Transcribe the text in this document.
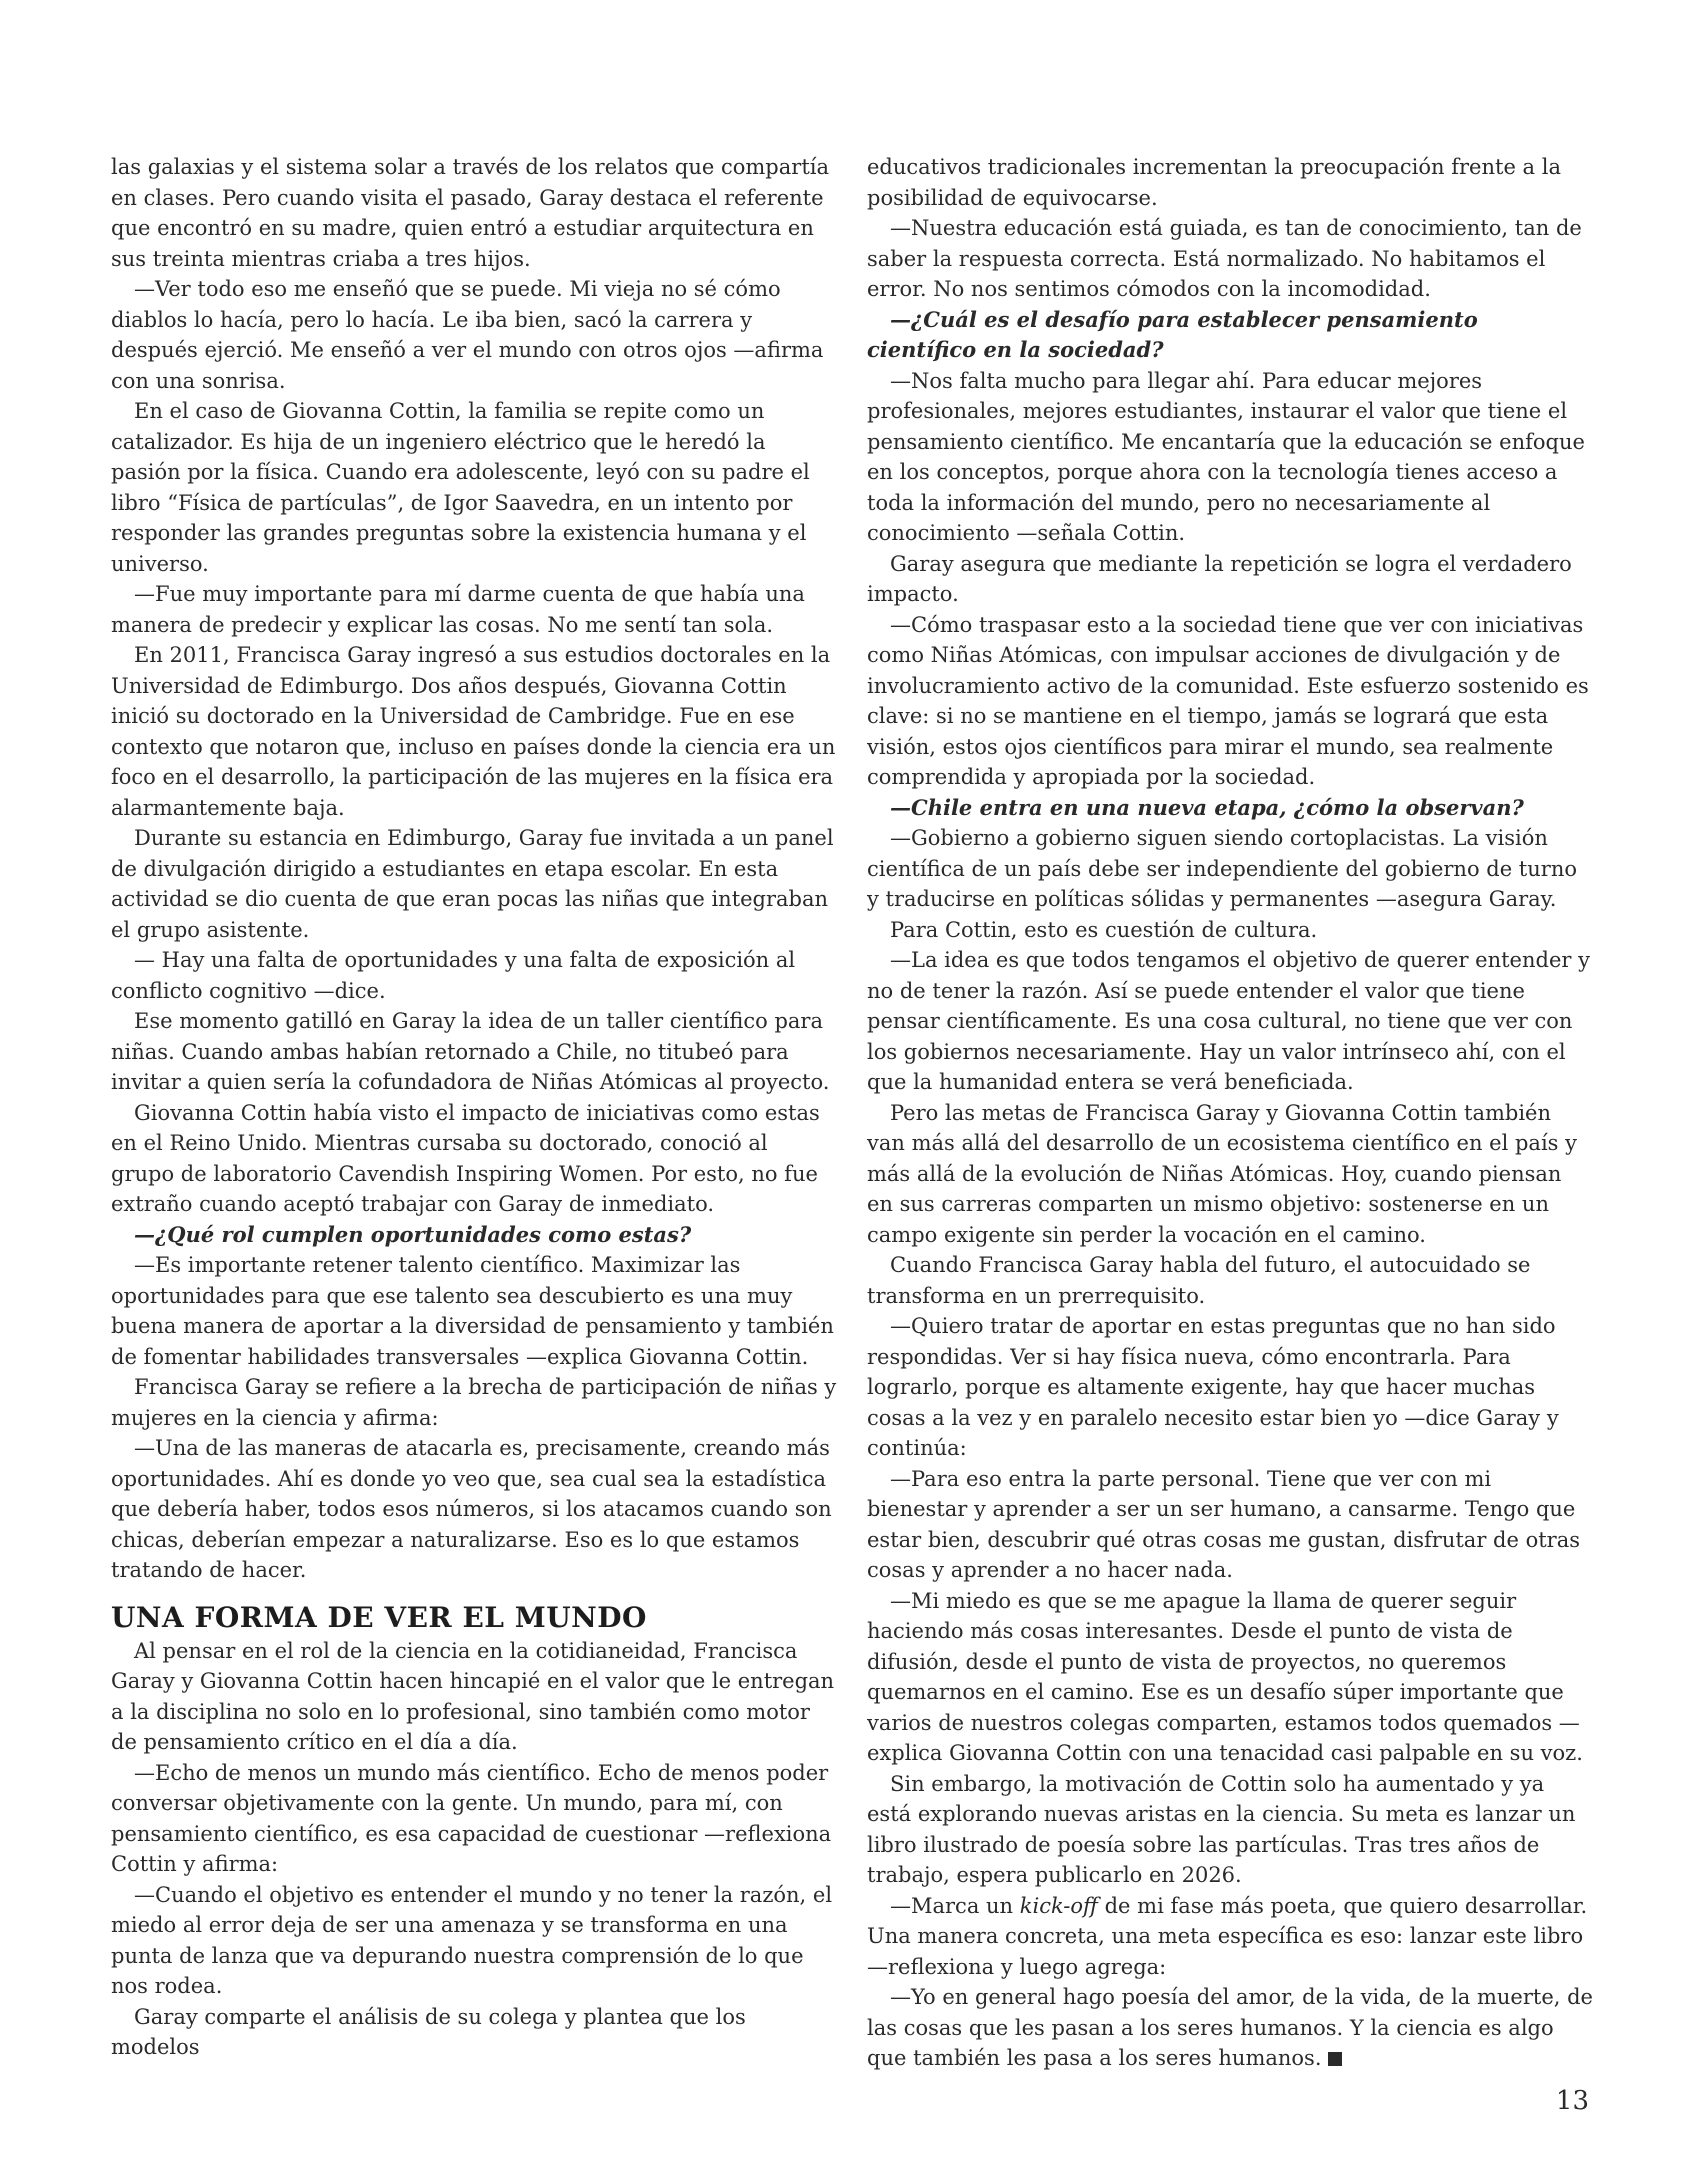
las galaxias y el sistema solar a través de los relatos que compartía en clases. Pero cuando visita el pasado, Garay destaca el referente que encontró en su madre, quien entró a estudiar arquitectura en sus treinta mientras criaba a tres hijos.

—Ver todo eso me enseñó que se puede. Mi vieja no sé cómo diablos lo hacía, pero lo hacía. Le iba bien, sacó la carrera y después ejerció. Me enseñó a ver el mundo con otros ojos —afirma con una sonrisa.

En el caso de Giovanna Cottin, la familia se repite como un catalizador. Es hija de un ingeniero eléctrico que le heredó la pasión por la física. Cuando era adolescente, leyó con su padre el libro “Física de partículas”, de Igor Saavedra, en un intento por responder las grandes preguntas sobre la existencia humana y el universo.

—Fue muy importante para mí darme cuenta de que había una manera de predecir y explicar las cosas. No me sentí tan sola.

En 2011, Francisca Garay ingresó a sus estudios doctorales en la Universidad de Edimburgo. Dos años después, Giovanna Cottin inició su doctorado en la Universidad de Cambridge. Fue en ese contexto que notaron que, incluso en países donde la ciencia era un foco en el desarrollo, la participación de las mujeres en la física era alarmantemente baja.

Durante su estancia en Edimburgo, Garay fue invitada a un panel de divulgación dirigido a estudiantes en etapa escolar. En esta actividad se dio cuenta de que eran pocas las niñas que integraban el grupo asistente.

— Hay una falta de oportunidades y una falta de exposición al conflicto cognitivo —dice.

Ese momento gatilló en Garay la idea de un taller científico para niñas. Cuando ambas habían retornado a Chile, no titubeó para invitar a quien sería la cofundadora de Niñas Atómicas al proyecto.

Giovanna Cottin había visto el impacto de iniciativas como estas en el Reino Unido. Mientras cursaba su doctorado, conoció al grupo de laboratorio Cavendish Inspiring Women. Por esto, no fue extraño cuando aceptó trabajar con Garay de inmediato.

—¿Qué rol cumplen oportunidades como estas?

—Es importante retener talento científico. Maximizar las oportunidades para que ese talento sea descubierto es una muy buena manera de aportar a la diversidad de pensamiento y también de fomentar habilidades transversales —explica Giovanna Cottin.

Francisca Garay se refiere a la brecha de participación de niñas y mujeres en la ciencia y afirma:

—Una de las maneras de atacarla es, precisamente, creando más oportunidades. Ahí es donde yo veo que, sea cual sea la estadística que debería haber, todos esos números, si los atacamos cuando son chicas, deberían empezar a naturalizarse. Eso es lo que estamos tratando de hacer.

UNA FORMA DE VER EL MUNDO

Al pensar en el rol de la ciencia en la cotidianeidad, Francisca Garay y Giovanna Cottin hacen hincapié en el valor que le entregan a la disciplina no solo en lo profesional, sino también como motor de pensamiento crítico en el día a día.

—Echo de menos un mundo más científico. Echo de menos poder conversar objetivamente con la gente. Un mundo, para mí, con pensamiento científico, es esa capacidad de cuestionar —reflexiona Cottin y afirma:

—Cuando el objetivo es entender el mundo y no tener la razón, el miedo al error deja de ser una amenaza y se transforma en una punta de lanza que va depurando nuestra comprensión de lo que nos rodea.

Garay comparte el análisis de su colega y plantea que los modelos

educativos tradicionales incrementan la preocupación frente a la posibilidad de equivocarse.

—Nuestra educación está guiada, es tan de conocimiento, tan de saber la respuesta correcta. Está normalizado. No habitamos el error. No nos sentimos cómodos con la incomodidad.

—¿Cuál es el desafío para establecer pensamiento científico en la sociedad?

—Nos falta mucho para llegar ahí. Para educar mejores profesionales, mejores estudiantes, instaurar el valor que tiene el pensamiento científico. Me encantaría que la educación se enfoque en los conceptos, porque ahora con la tecnología tienes acceso a toda la información del mundo, pero no necesariamente al conocimiento —señala Cottin.

Garay asegura que mediante la repetición se logra el verdadero impacto.

—Cómo traspasar esto a la sociedad tiene que ver con iniciativas como Niñas Atómicas, con impulsar acciones de divulgación y de involucramiento activo de la comunidad. Este esfuerzo sostenido es clave: si no se mantiene en el tiempo, jamás se logrará que esta visión, estos ojos científicos para mirar el mundo, sea realmente comprendida y apropiada por la sociedad.

—Chile entra en una nueva etapa, ¿cómo la observan?

—Gobierno a gobierno siguen siendo cortoplacistas. La visión científica de un país debe ser independiente del gobierno de turno y traducirse en políticas sólidas y permanentes —asegura Garay.

Para Cottin, esto es cuestión de cultura.

—La idea es que todos tengamos el objetivo de querer entender y no de tener la razón. Así se puede entender el valor que tiene pensar científicamente. Es una cosa cultural, no tiene que ver con los gobiernos necesariamente. Hay un valor intrínseco ahí, con el que la humanidad entera se verá beneficiada.

Pero las metas de Francisca Garay y Giovanna Cottin también van más allá del desarrollo de un ecosistema científico en el país y más allá de la evolución de Niñas Atómicas. Hoy, cuando piensan en sus carreras comparten un mismo objetivo: sostenerse en un campo exigente sin perder la vocación en el camino.

Cuando Francisca Garay habla del futuro, el autocuidado se transforma en un prerrequisito.

—Quiero tratar de aportar en estas preguntas que no han sido respondidas. Ver si hay física nueva, cómo encontrarla. Para lograrlo, porque es altamente exigente, hay que hacer muchas cosas a la vez y en paralelo necesito estar bien yo —dice Garay y continúa:

—Para eso entra la parte personal. Tiene que ver con mi bienestar y aprender a ser un ser humano, a cansarme. Tengo que estar bien, descubrir qué otras cosas me gustan, disfrutar de otras cosas y aprender a no hacer nada.

—Mi miedo es que se me apague la llama de querer seguir haciendo más cosas interesantes. Desde el punto de vista de difusión, desde el punto de vista de proyectos, no queremos quemarnos en el camino. Ese es un desafío súper importante que varios de nuestros colegas comparten, estamos todos quemados —explica Giovanna Cottin con una tenacidad casi palpable en su voz.

Sin embargo, la motivación de Cottin solo ha aumentado y ya está explorando nuevas aristas en la ciencia. Su meta es lanzar un libro ilustrado de poesía sobre las partículas. Tras tres años de trabajo, espera publicarlo en 2026.

—Marca un kick-off de mi fase más poeta, que quiero desarrollar. Una manera concreta, una meta específica es eso: lanzar este libro —reflexiona y luego agrega:

—Yo en general hago poesía del amor, de la vida, de la muerte, de las cosas que les pasan a los seres humanos. Y la ciencia es algo que también les pasa a los seres humanos.

13
